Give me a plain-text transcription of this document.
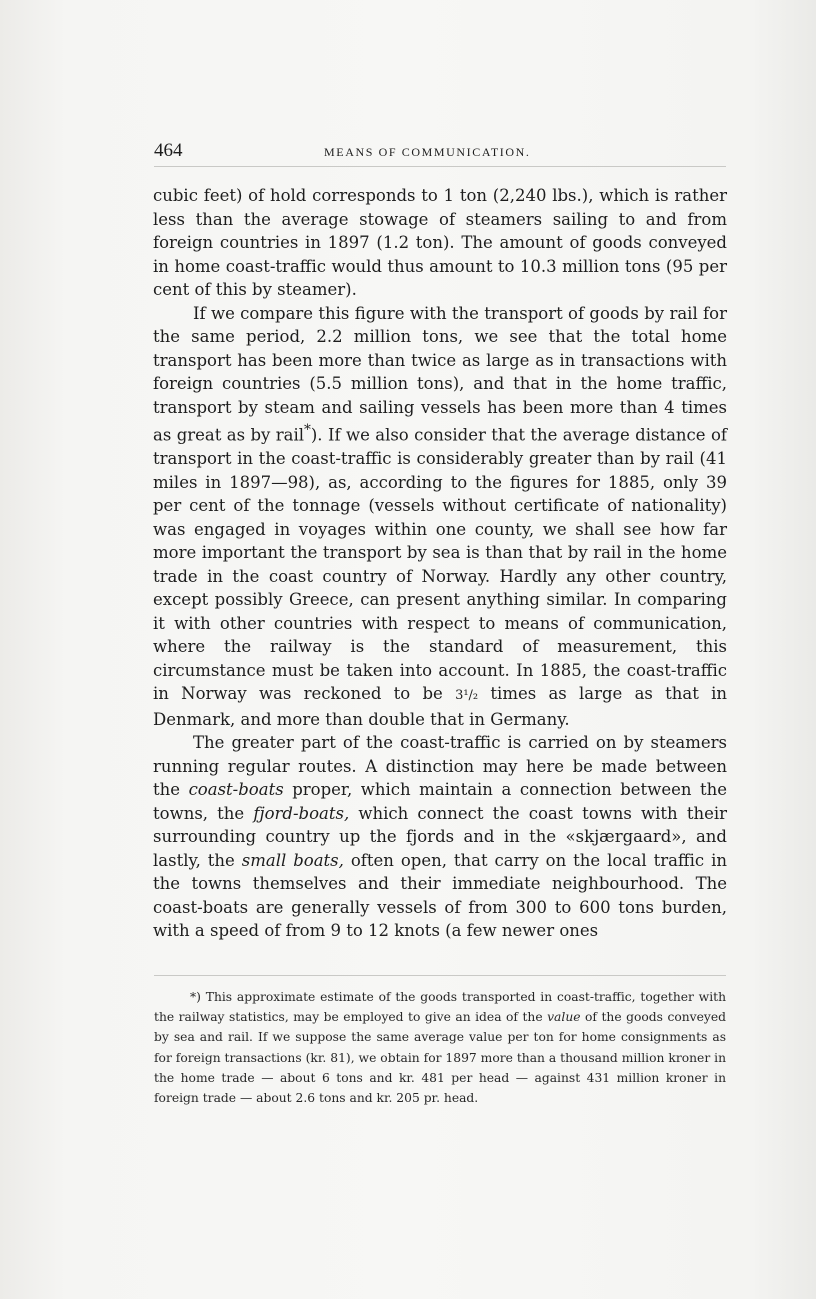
464	MEANS OF COMMUNICATION.

cubic feet) of hold corresponds to 1 ton (2,240 lbs.), which is rather less than the average stowage of steamers sailing to and from foreign countries in 1897 (1.2 ton). The amount of goods conveyed in home coast-traffic would thus amount to 10.3 million tons (95 per cent of this by steamer).

If we compare this figure with the transport of goods by rail for the same period, 2.2 million tons, we see that the total home transport has been more than twice as large as in transactions with foreign countries (5.5 million tons), and that in the home traffic, transport by steam and sailing vessels has been more than 4 times as great as by rail*). If we also consider that the average distance of transport in the coast-traffic is considerably greater than by rail (41 miles in 1897—98), as, according to the figures for 1885, only 39 per cent of the tonnage (vessels without certificate of nationality) was engaged in voyages within one county, we shall see how far more important the transport by sea is than that by rail in the home trade in the coast country of Norway. Hardly any other country, except possibly Greece, can present anything similar. In comparing it with other countries with respect to means of communication, where the railway is the standard of measurement, this circumstance must be taken into account. In 1885, the coast-traffic in Norway was reckoned to be 3¹/₂ times as large as that in Denmark, and more than double that in Germany.

The greater part of the coast-traffic is carried on by steamers running regular routes. A distinction may here be made between the coast-boats proper, which maintain a connection between the towns, the fjord-boats, which connect the coast towns with their surrounding country up the fjords and in the «skjærgaard», and lastly, the small boats, often open, that carry on the local traffic in the towns themselves and their immediate neighbourhood. The coast-boats are generally vessels of from 300 to 600 tons burden, with a speed of from 9 to 12 knots (a few newer ones

*) This approximate estimate of the goods transported in coast-traffic, together with the railway statistics, may be employed to give an idea of the value of the goods conveyed by sea and rail. If we suppose the same average value per ton for home consignments as for foreign transactions (kr. 81), we obtain for 1897 more than a thousand million kroner in the home trade — about 6 tons and kr. 481 per head — against 431 million kroner in foreign trade — about 2.6 tons and kr. 205 pr. head.
